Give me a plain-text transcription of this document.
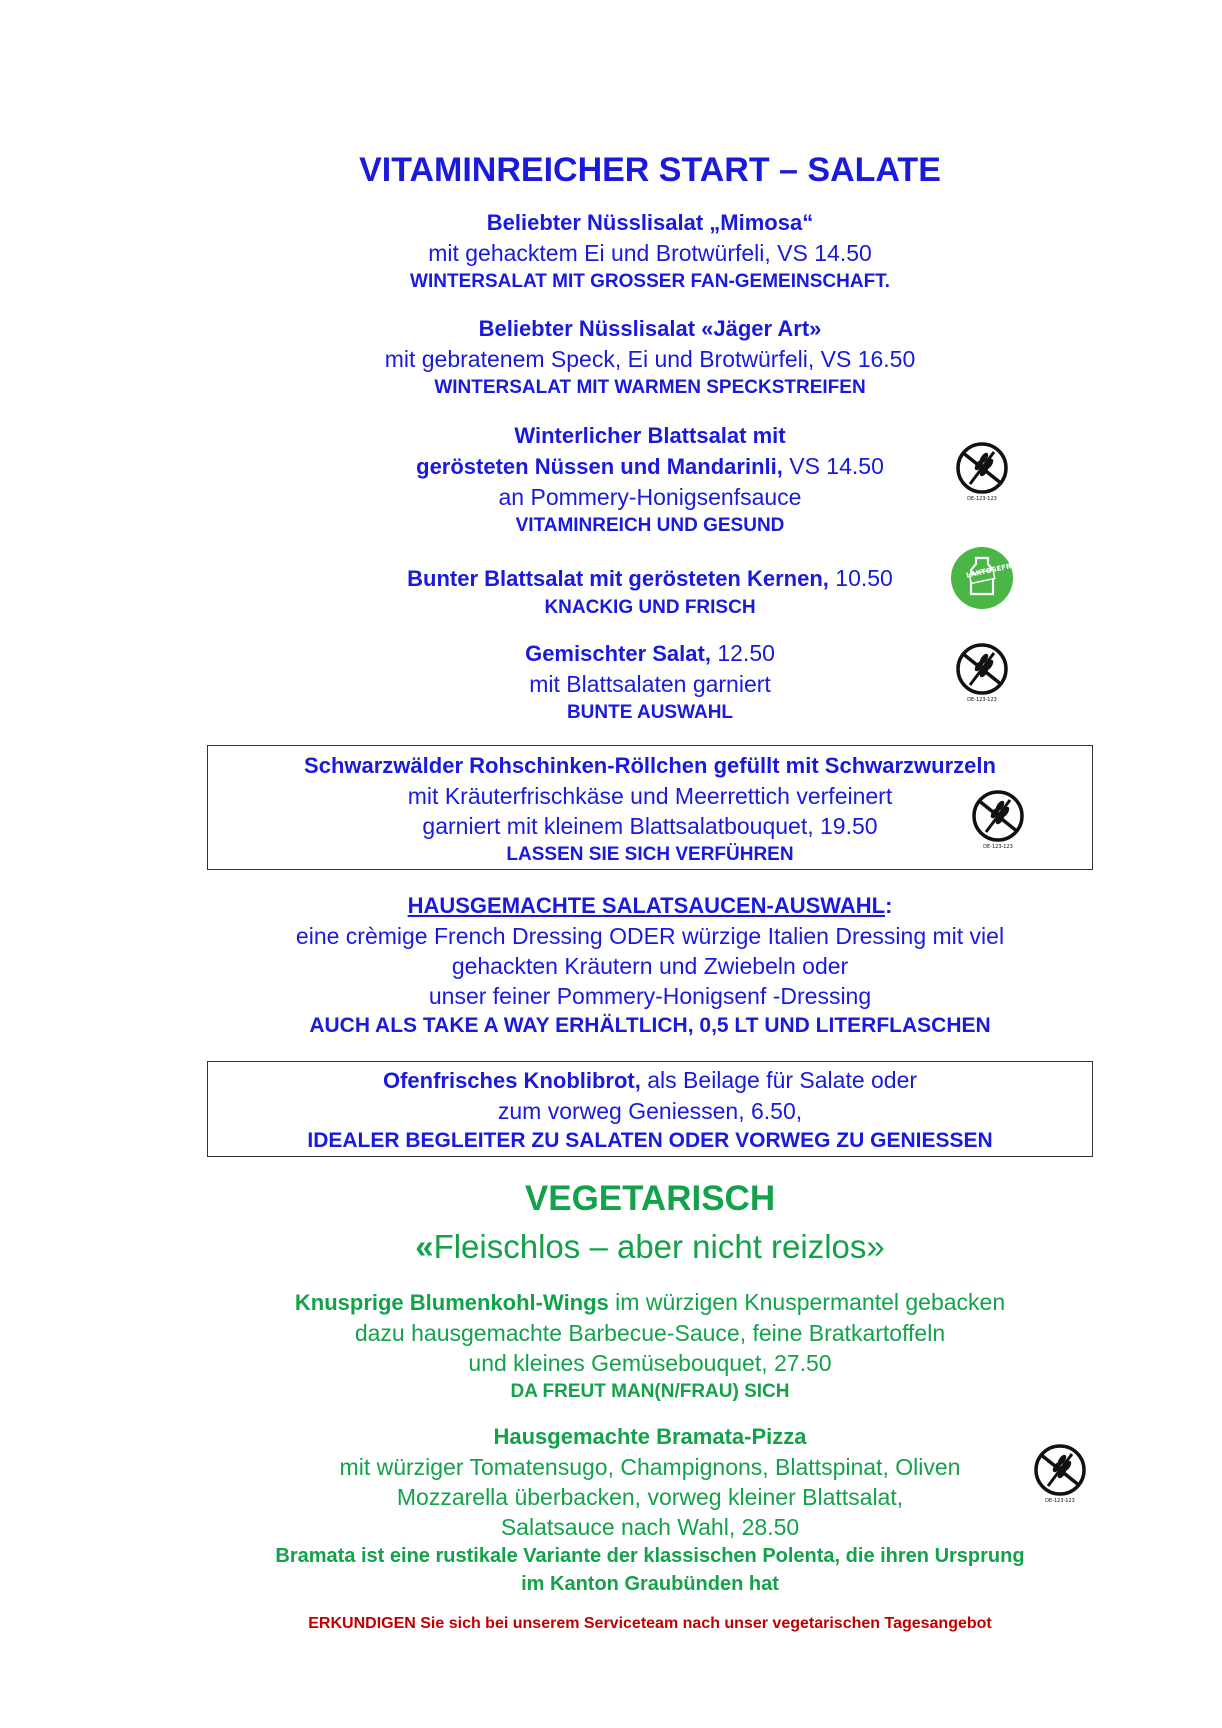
VITAMINREICHER START – SALATE
Beliebter Nüsslisalat „Mimosa“
mit gehacktem Ei und Brotwürfeli, VS 14.50
WINTERSALAT MIT GROSSER FAN-GEMEINSCHAFT.
Beliebter Nüsslisalat «Jäger Art»
mit gebratenem Speck, Ei und Brotwürfeli, VS 16.50
WINTERSALAT MIT WARMEN SPECKSTREIFEN
Winterlicher Blattsalat mit
gerösteten Nüssen und Mandarinli, VS 14.50
an Pommery-Honigsenfsauce
VITAMINREICH UND GESUND
Bunter Blattsalat mit gerösteten Kernen, 10.50
KNACKIG UND FRISCH
Gemischter Salat, 12.50
mit Blattsalaten garniert
BUNTE AUSWAHL
Schwarzwälder Rohschinken-Röllchen gefüllt mit Schwarzwurzeln
mit Kräuterfrischkäse und Meerrettich verfeinert
garniert mit kleinem Blattsalatbouquet, 19.50
LASSEN SIE SICH VERFÜHREN
HAUSGEMACHTE SALATSAUCEN-AUSWAHL:
eine crèmige French Dressing ODER würzige Italien Dressing mit viel
gehackten Kräutern und Zwiebeln oder
unser feiner Pommery-Honigsenf -Dressing
AUCH ALS TAKE A WAY ERHÄLTLICH, 0,5 LT UND LITERFLASCHEN
Ofenfrisches Knoblibrot, als Beilage für Salate oder
zum vorweg Geniessen, 6.50,
IDEALER BEGLEITER ZU SALATEN ODER VORWEG ZU GENIESSEN
VEGETARISCH
«Fleischlos – aber nicht reizlos»
Knusprige Blumenkohl-Wings im würzigen Knuspermantel gebacken
dazu hausgemachte Barbecue-Sauce, feine Bratkartoffeln
und kleines Gemüsebouquet, 27.50
DA FREUT MAN(N/FRAU) SICH
Hausgemachte Bramata-Pizza
mit würziger Tomatensugo, Champignons, Blattspinat, Oliven
Mozzarella überbacken, vorweg kleiner Blattsalat,
Salatsauce nach Wahl, 28.50
Bramata ist eine rustikale Variante der klassischen Polenta, die ihren Ursprung
im Kanton Graubünden hat
ERKUNDIGEN Sie sich bei unserem Serviceteam nach unser vegetarischen Tagesangebot
DE-123-123
DE-123-123
DE-123-123
DE-123-123
LAKTOSEFREI
